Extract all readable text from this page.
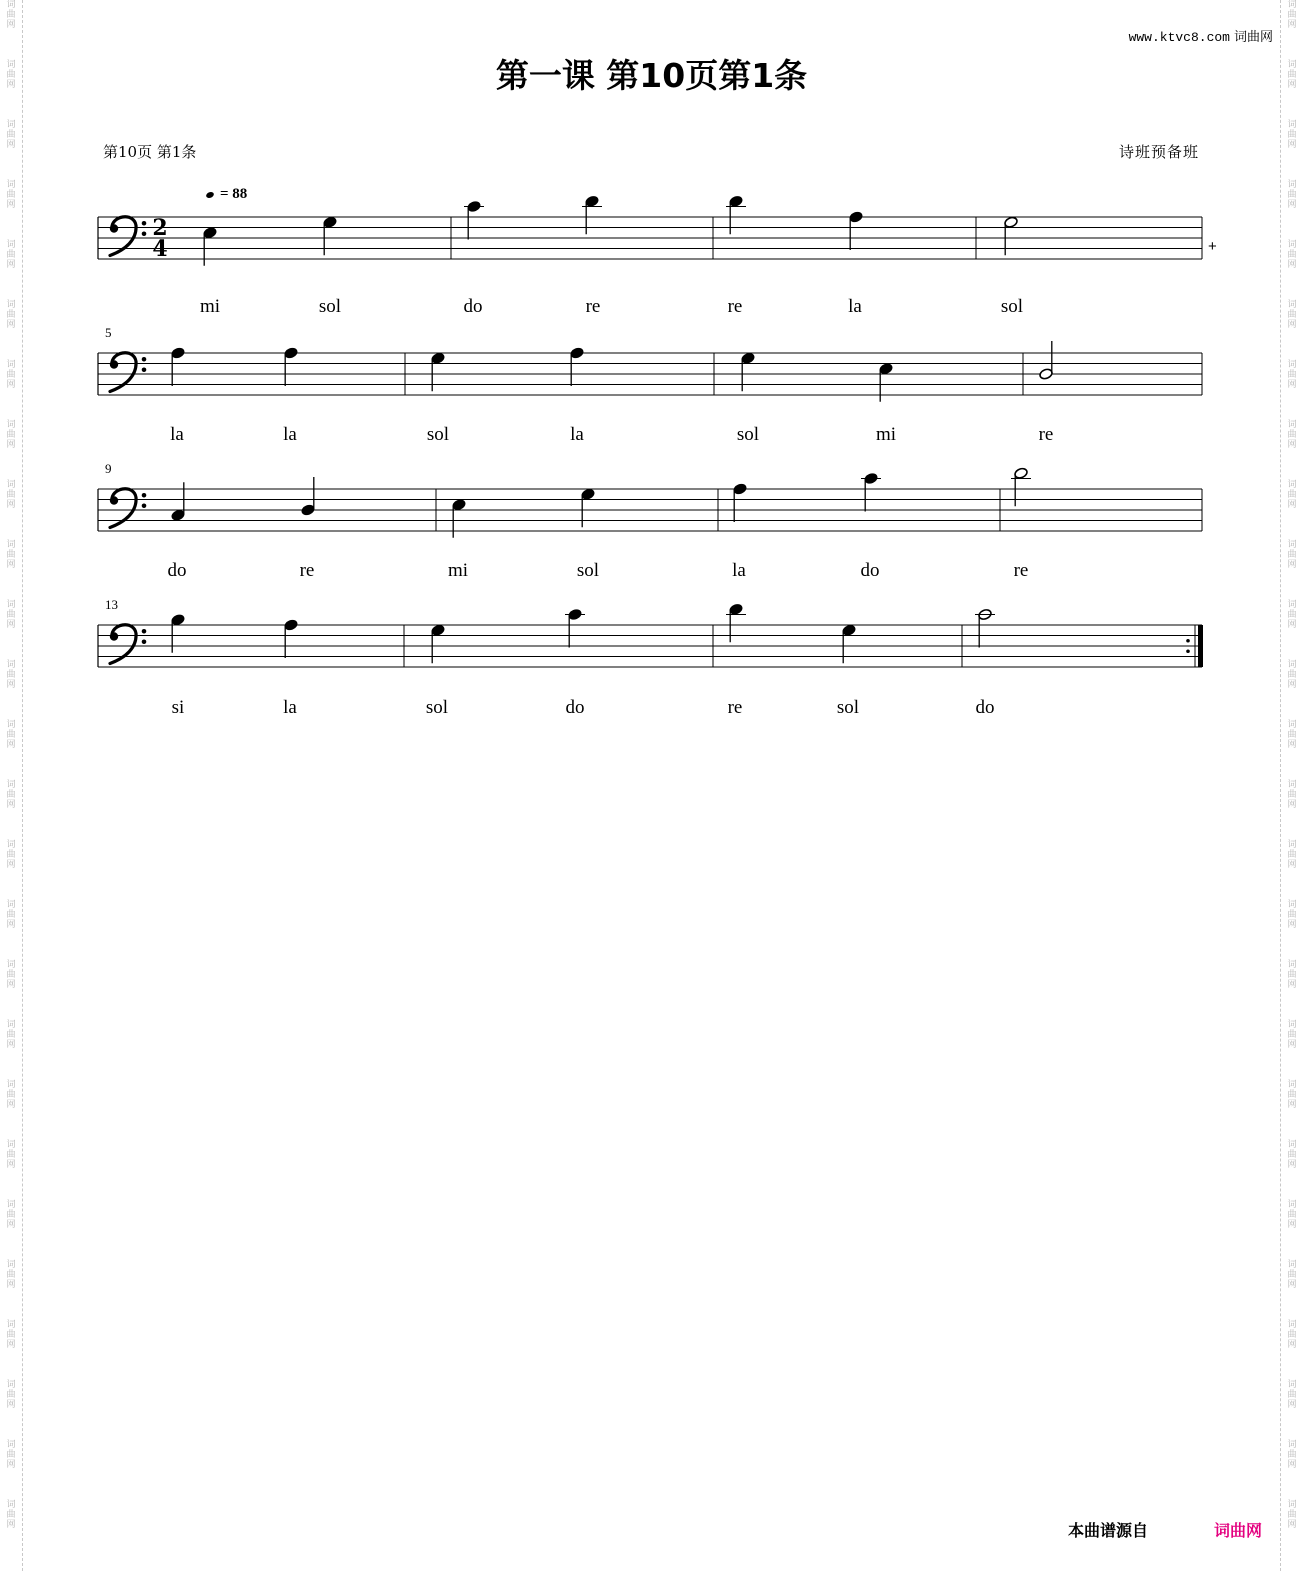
词
曲
网
词
曲
网
词
曲
网
词
曲
网
词
曲
网
词
曲
网
词
曲
网
词
曲
网
词
曲
网
词
曲
网
词
曲
网
词
曲
网
词
曲
网
词
曲
网
词
曲
网
词
曲
网
词
曲
网
词
曲
网
词
曲
网
词
曲
网
词
曲
网
词
曲
网
词
曲
网
词
曲
网
词
曲
网
词
曲
网
词
曲
网
词
曲
网
词
曲
网
词
曲
网
词
曲
网
词
曲
网
词
曲
网
词
曲
网
词
曲
网
词
曲
网
词
曲
网
词
曲
网
词
曲
网
词
曲
网
词
曲
网
词
曲
网
词
曲
网
词
曲
网
词
曲
网
词
曲
网
词
曲
网
词
曲
网
词
曲
网
词
曲
网
词
曲
网
词
曲
网
www.ktvc8.com 词曲网
第一课 第10页第1条
第10页 第1条	诗班预备班
2
4
= 88
+
mi	sol	do	re	re	la	sol
5
la	la	sol	la	sol	mi	re
9
do	re	mi	sol	la	do	re
13
si	la	sol	do	re	sol	do
本曲谱源自	词曲网
